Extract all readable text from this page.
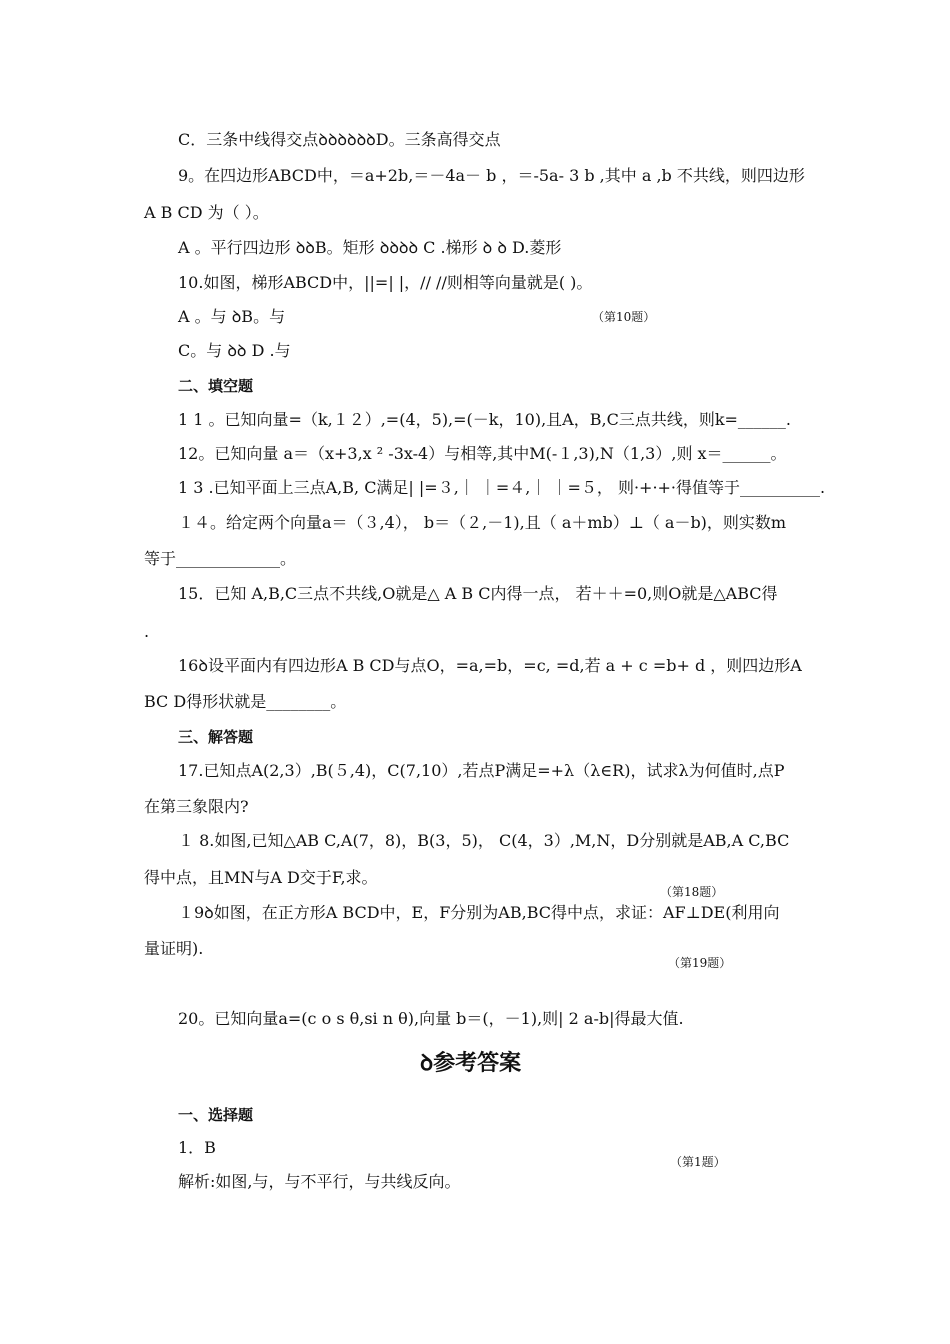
C．三条中线得交点ꝺꝺꝺꝺꝺꝺD。三条高得交点
9。在四边形ABCD中，＝a+2b,＝－4a－ b ，＝-5a- 3 b ,其中 a ,b 不共线，则四边形
A B CD 为（ ）。
A 。平行四边形 ꝺꝺB。矩形 ꝺꝺꝺꝺ C .梯形 ꝺ ꝺ D.菱形
10.如图，梯形ABCD中，||=| |，// //则相等向量就是( )。
A 。与 ꝺB。与	（第10题）
C。与 ꝺꝺ D .与
二、填空题
1 1 。已知向量=（k,１２）,=(4，5),=(－k，10),且A，B,C三点共线，则k=______.
12。已知向量 a＝（x+3,x ² -3x-4）与相等,其中M(-１,3),N（1,3）,则 x＝______。
1 3 .已知平面上三点A,B, C满足| |=３,｜ ｜=４,｜ ｜=５， 则·+·+·得值等于__________.
１４。给定两个向量a＝（３,4）， b＝（２,－1),且（ a＋mb）⊥（ a－b)，则实数m
等于_____________。
15．已知 A,B,C三点不共线,O就是△ A B C内得一点， 若＋＋=0,则O就是△ABC得
.
16ꝺ设平面内有四边形A B CD与点O，=a,=b，=c, =d,若 a + c =b+ d ，则四边形A
BC D得形状就是________。
三、解答题
17.已知点A(2,3）,B(５,4)，C(7,10）,若点P满足=+λ（λ∈R)，试求λ为何值时,点P
在第三象限内?
１ 8.如图,已知△AB C,A(7，8)，B(3，5)， C(4，3）,M,N，D分别就是AB,A C,BC
得中点，且MN与A D交于F,求。
（第18题）
１9ꝺ如图，在正方形A BCD中，E，F分别为AB,BC得中点，求证：AF⊥DE(利用向
量证明).
（第19题）
20。已知向量a=(c o s θ,si n θ),向量 b＝(，－1),则| 2 a-b|得最大值.
ꝺ参考答案
一、选择题
1．B
（第1题）
解析:如图,与，与不平行，与共线反向。
